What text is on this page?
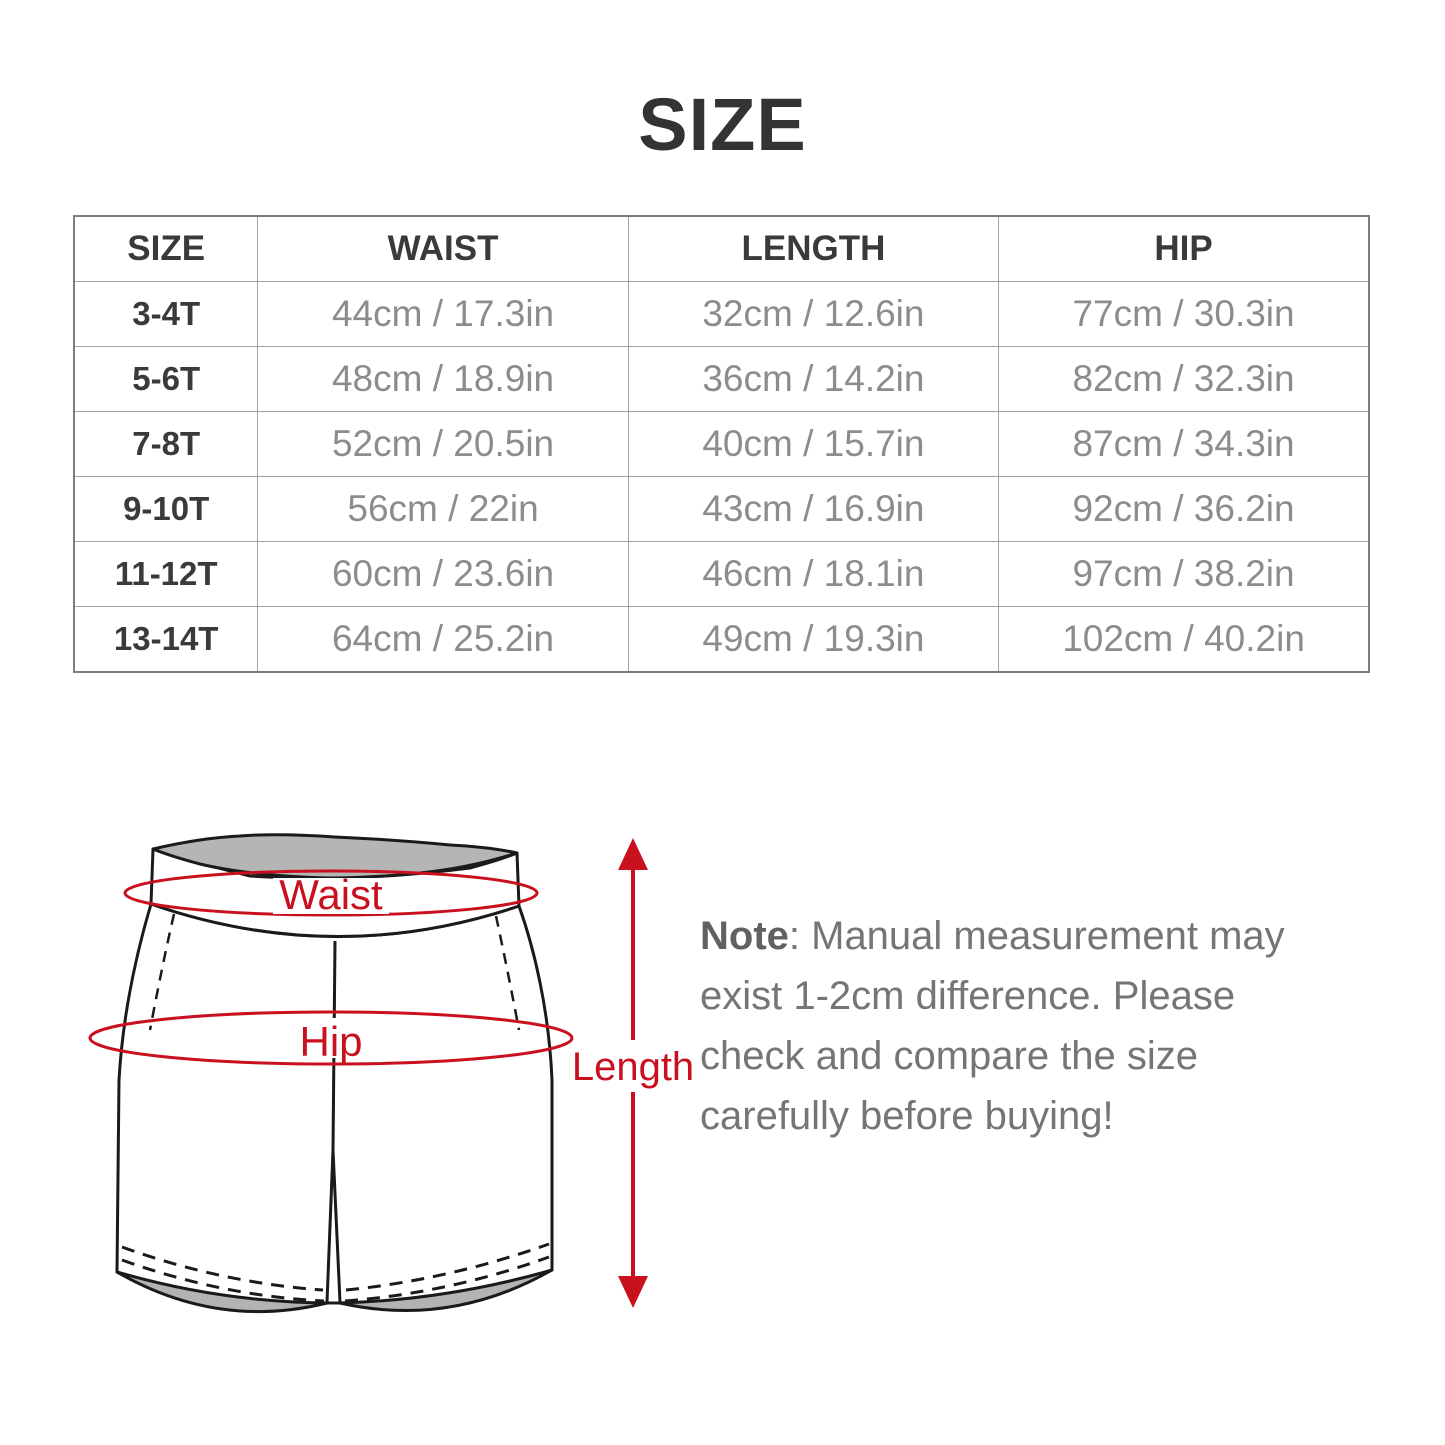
SIZE
SIZE	WAIST	LENGTH	HIP
3-4T	44cm / 17.3in	32cm / 12.6in	77cm / 30.3in
5-6T	48cm / 18.9in	36cm / 14.2in	82cm / 32.3in
7-8T	52cm / 20.5in	40cm / 15.7in	87cm / 34.3in
9-10T	56cm / 22in	43cm / 16.9in	92cm / 36.2in
11-12T	60cm / 23.6in	46cm / 18.1in	97cm / 38.2in
13-14T	64cm / 25.2in	49cm / 19.3in	102cm / 40.2in
Waist
Hip
Length
Note: Manual measurement may
exist 1-2cm difference. Please
check and compare the size
carefully before buying!
